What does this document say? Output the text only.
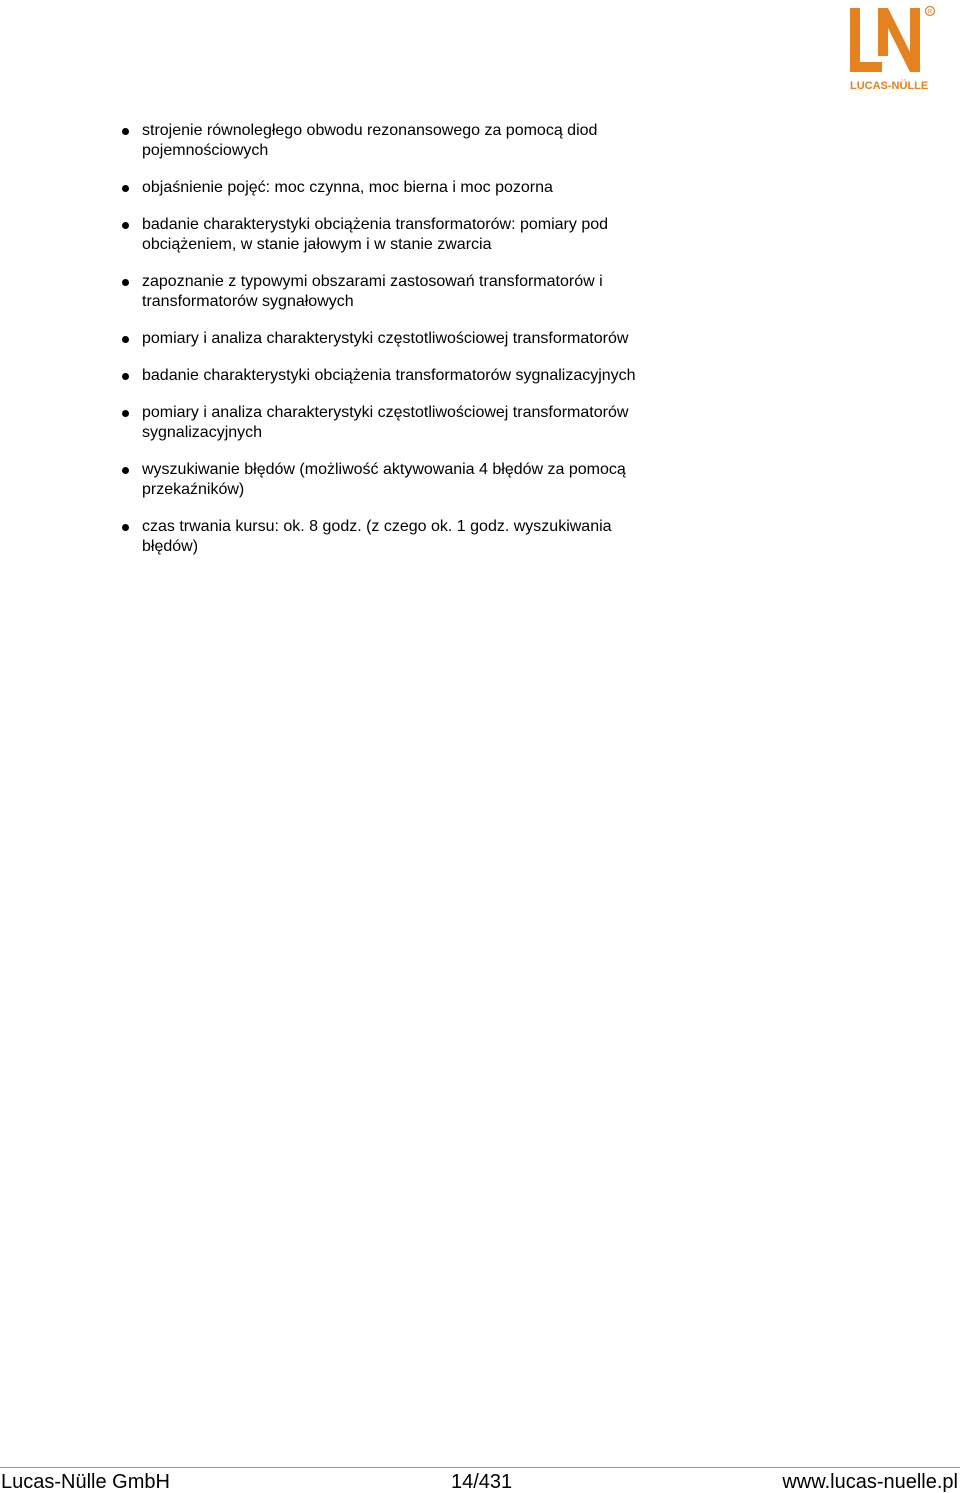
R
LUCAS-NÜLLE
strojenie równoległego obwodu rezonansowego za pomocą diod pojemnościowych
objaśnienie pojęć: moc czynna, moc bierna i moc pozorna
badanie charakterystyki obciążenia transformatorów: pomiary pod obciążeniem, w stanie jałowym i w stanie zwarcia
zapoznanie z typowymi obszarami zastosowań transformatorów i transformatorów sygnałowych
pomiary i analiza charakterystyki częstotliwościowej transformatorów
badanie charakterystyki obciążenia transformatorów sygnalizacyjnych
pomiary i analiza charakterystyki częstotliwościowej transformatorów sygnalizacyjnych
wyszukiwanie błędów (możliwość aktywowania 4 błędów za pomocą przekaźników)
czas trwania kursu: ok. 8 godz. (z czego ok. 1 godz. wyszukiwania błędów)
Lucas-Nülle GmbH	14/431	www.lucas-nuelle.pl
